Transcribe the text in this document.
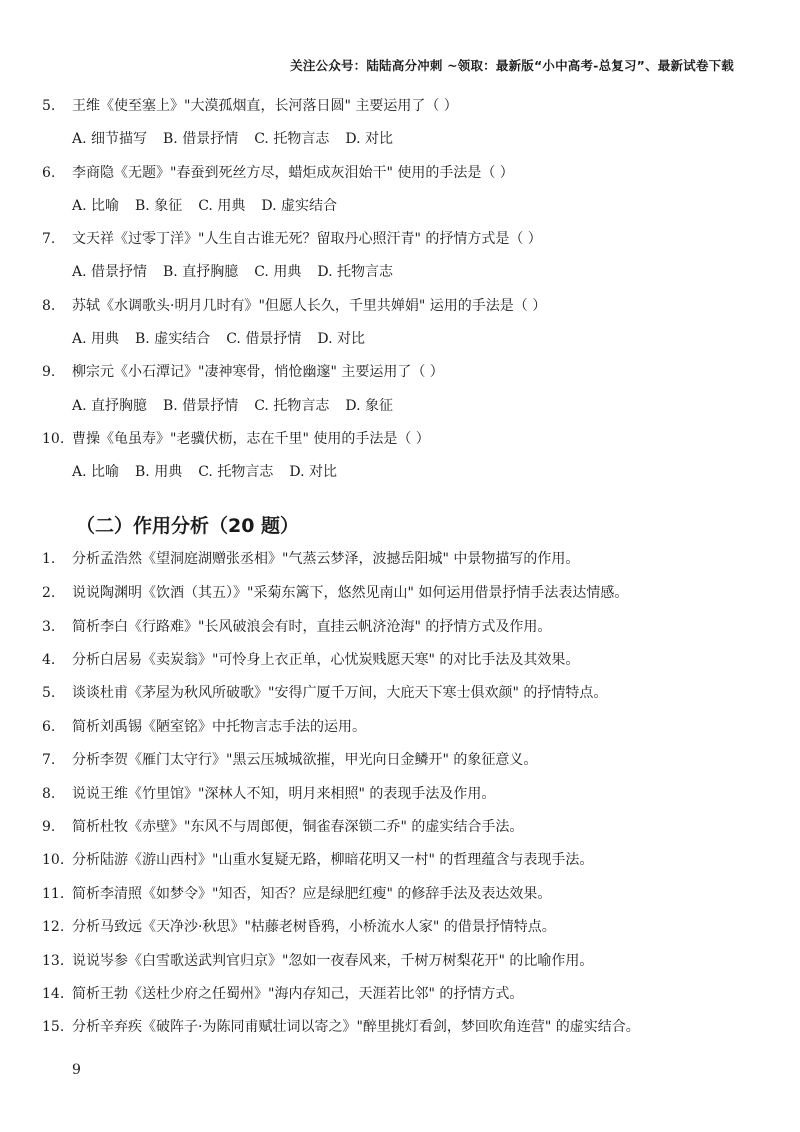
关注公众号：陆陆高分冲刺 ~领取：最新版“小中高考-总复习”、最新试卷下载
5. 王维《使至塞上》"大漠孤烟直，长河落日圆" 主要运用了（ ）
A. 细节描写 B. 借景抒情 C. 托物言志 D. 对比
6. 李商隐《无题》"春蚕到死丝方尽，蜡炬成灰泪始干" 使用的手法是（ ）
A. 比喻 B. 象征 C. 用典 D. 虚实结合
7. 文天祥《过零丁洋》"人生自古谁无死？留取丹心照汗青" 的抒情方式是（ ）
A. 借景抒情 B. 直抒胸臆 C. 用典 D. 托物言志
8. 苏轼《水调歌头·明月几时有》"但愿人长久，千里共婵娟" 运用的手法是（ ）
A. 用典 B. 虚实结合 C. 借景抒情 D. 对比
9. 柳宗元《小石潭记》"凄神寒骨，悄怆幽邃" 主要运用了（ ）
A. 直抒胸臆 B. 借景抒情 C. 托物言志 D. 象征
10. 曹操《龟虽寿》"老骥伏枥，志在千里" 使用的手法是（ ）
A. 比喻 B. 用典 C. 托物言志 D. 对比
（二）作用分析（20 题）
1. 分析孟浩然《望洞庭湖赠张丞相》"气蒸云梦泽，波撼岳阳城" 中景物描写的作用。
2. 说说陶渊明《饮酒（其五）》"采菊东篱下，悠然见南山" 如何运用借景抒情手法表达情感。
3. 简析李白《行路难》"长风破浪会有时，直挂云帆济沧海" 的抒情方式及作用。
4. 分析白居易《卖炭翁》"可怜身上衣正单，心忧炭贱愿天寒" 的对比手法及其效果。
5. 谈谈杜甫《茅屋为秋风所破歌》"安得广厦千万间，大庇天下寒士俱欢颜" 的抒情特点。
6. 简析刘禹锡《陋室铭》中托物言志手法的运用。
7. 分析李贺《雁门太守行》"黑云压城城欲摧，甲光向日金鳞开" 的象征意义。
8. 说说王维《竹里馆》"深林人不知，明月来相照" 的表现手法及作用。
9. 简析杜牧《赤壁》"东风不与周郎便，铜雀春深锁二乔" 的虚实结合手法。
10. 分析陆游《游山西村》"山重水复疑无路，柳暗花明又一村" 的哲理蕴含与表现手法。
11. 简析李清照《如梦令》"知否，知否？应是绿肥红瘦" 的修辞手法及表达效果。
12. 分析马致远《天净沙·秋思》"枯藤老树昏鸦，小桥流水人家" 的借景抒情特点。
13. 说说岑参《白雪歌送武判官归京》"忽如一夜春风来，千树万树梨花开" 的比喻作用。
14. 简析王勃《送杜少府之任蜀州》"海内存知己，天涯若比邻" 的抒情方式。
15. 分析辛弃疾《破阵子·为陈同甫赋壮词以寄之》"醉里挑灯看剑，梦回吹角连营" 的虚实结合。
9
